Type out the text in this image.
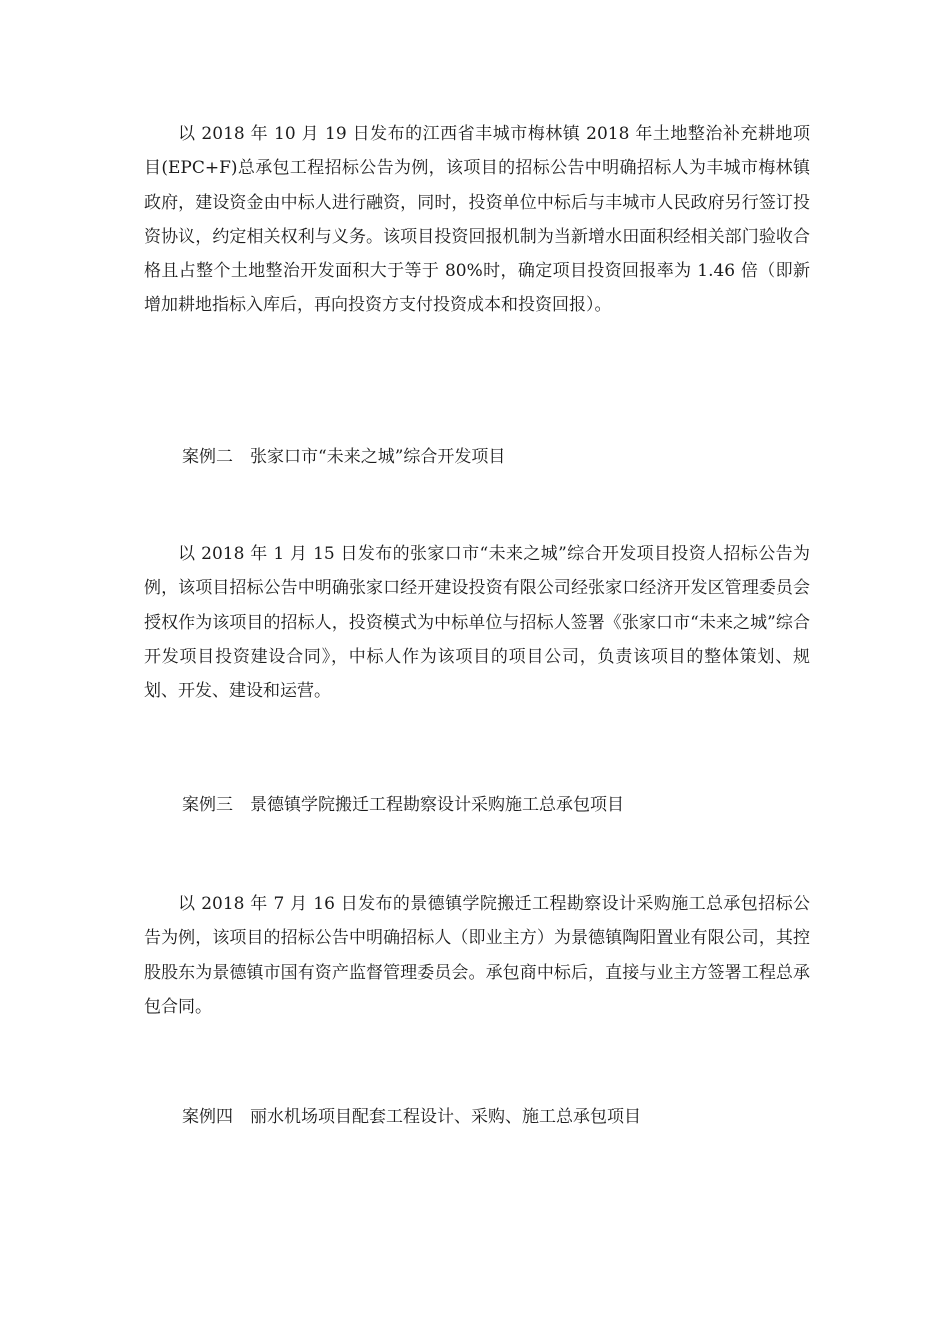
以 2018 年 10 月 19 日发布的江西省丰城市梅林镇 2018 年土地整治补充耕地项目(EPC+F)总承包工程招标公告为例，该项目的招标公告中明确招标人为丰城市梅林镇政府，建设资金由中标人进行融资，同时，投资单位中标后与丰城市人民政府另行签订投资协议，约定相关权利与义务。该项目投资回报机制为当新增水田面积经相关部门验收合格且占整个土地整治开发面积大于等于 80%时，确定项目投资回报率为 1.46 倍（即新增加耕地指标入库后，再向投资方支付投资成本和投资回报）。

案例二　张家口市“未来之城”综合开发项目

以 2018 年 1 月 15 日发布的张家口市“未来之城”综合开发项目投资人招标公告为例，该项目招标公告中明确张家口经开建设投资有限公司经张家口经济开发区管理委员会授权作为该项目的招标人，投资模式为中标单位与招标人签署《张家口市“未来之城”综合开发项目投资建设合同》，中标人作为该项目的项目公司，负责该项目的整体策划、规划、开发、建设和运营。

案例三　景德镇学院搬迁工程勘察设计采购施工总承包项目

以 2018 年 7 月 16 日发布的景德镇学院搬迁工程勘察设计采购施工总承包招标公告为例，该项目的招标公告中明确招标人（即业主方）为景德镇陶阳置业有限公司，其控股股东为景德镇市国有资产监督管理委员会。承包商中标后，直接与业主方签署工程总承包合同。

案例四　丽水机场项目配套工程设计、采购、施工总承包项目
